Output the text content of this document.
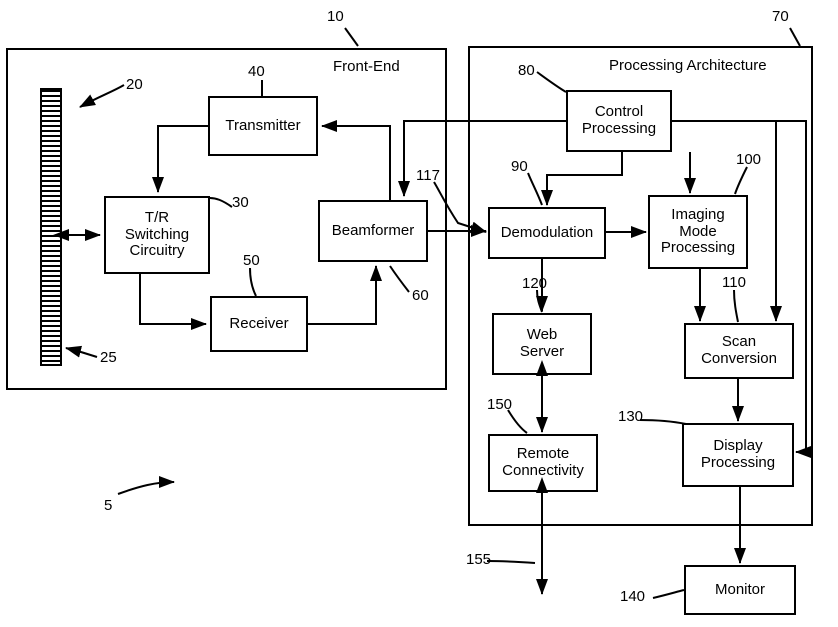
Front-End	Processing Architecture
Transmitter
T/R
Switching
Circuitry
Receiver
Beamformer
Control
Processing
Demodulation
Imaging
Mode
Processing
Scan
Conversion
Display
Processing
Web
Server
Remote
Connectivity
Monitor
5
10
20
25
30
40
50
60
70
80
90	100
110
117
120
130
140
150
155
